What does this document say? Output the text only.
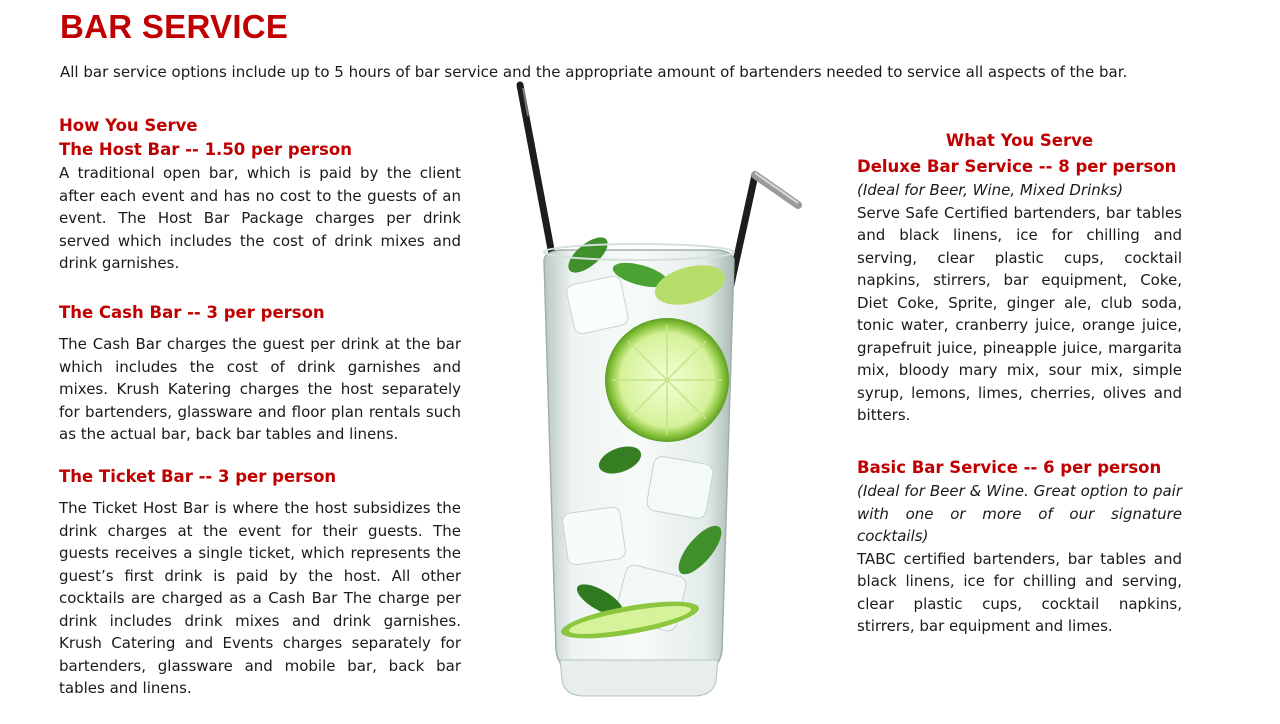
BAR SERVICE

All bar service options include up to 5 hours of bar service and the appropriate amount of bartenders needed to service all aspects of the bar.

How You Serve

The Host Bar -- 1.50 per person

A traditional open bar, which is paid by the client after each event and has no cost to the guests of an event. The Host Bar Package charges per drink served which includes the cost of drink mixes and drink garnishes.

The Cash Bar -- 3 per person

The Cash Bar charges the guest per drink at the bar which includes the cost of drink garnishes and mixes. Krush Katering charges the host separately for bartenders, glassware and floor plan rentals such as the actual bar, back bar tables and linens.

The Ticket Bar -- 3 per person

The Ticket Host Bar is where the host subsidizes the drink charges at the event for their guests. The guests receives a single ticket, which represents the guest’s first drink is paid by the host. All other cocktails are charged as a Cash Bar The charge per drink includes drink mixes and drink garnishes. Krush Catering and Events charges separately for bartenders, glassware and mobile bar, back bar tables and linens.

What You Serve

Deluxe Bar Service -- 8 per person

(Ideal for Beer, Wine, Mixed Drinks)

Serve Safe Certified bartenders, bar tables and black linens, ice for chilling and serving, clear plastic cups, cocktail napkins, stirrers, bar equipment, Coke, Diet Coke, Sprite, ginger ale, club soda, tonic water, cranberry juice, orange juice, grapefruit juice, pineapple juice, margarita mix, bloody mary mix, sour mix, simple syrup, lemons, limes, cherries, olives and bitters.

Basic Bar Service -- 6 per person

(Ideal for Beer & Wine. Great option to pair with one or more of our signature cocktails)

TABC certified bartenders, bar tables and black linens, ice for chilling and serving, clear plastic cups, cocktail napkins, stirrers, bar equipment and limes.
